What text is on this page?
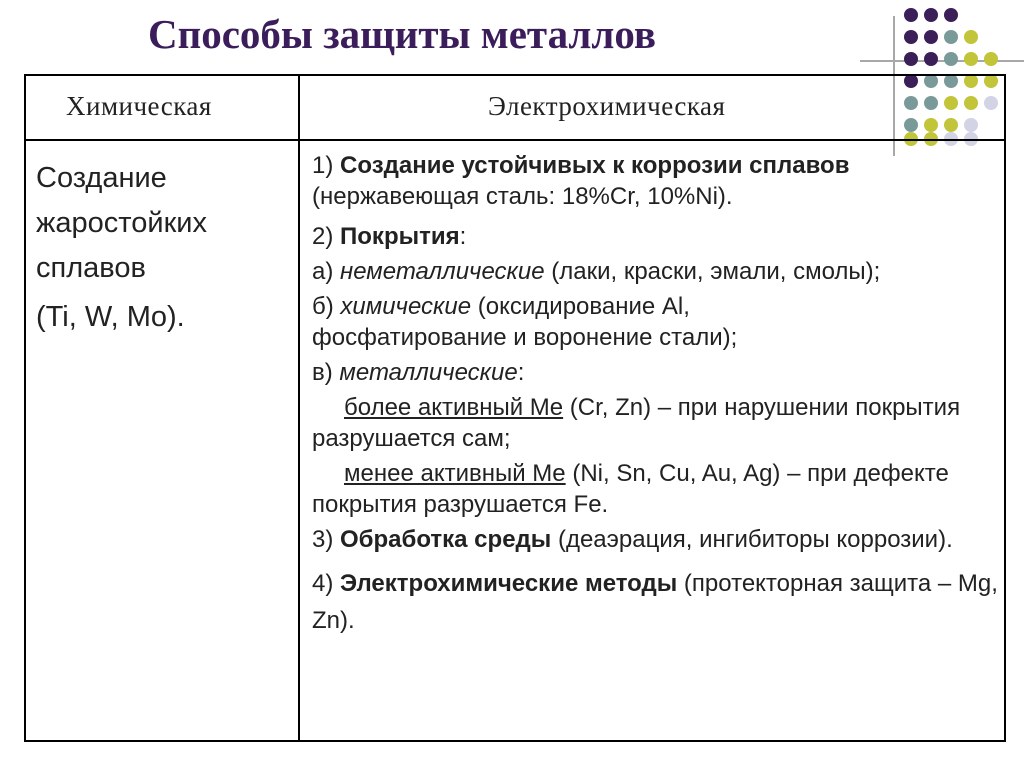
Способы защиты металлов
Химическая	Электрохимическая

Создание

жаростойких

сплавов

(Ti, W, Mo).

1) Создание устойчивых к коррозии сплавов
(нержавеющая сталь: 18%Cr, 10%Ni).

2) Покрытия:

а) неметаллические (лаки, краски, эмали, смолы);

б) химические (оксидирование Al, фосфатирование и воронение стали);

в) металлические:

более активный Me (Cr, Zn) – при нарушении покрытия разрушается сам;

менее активный Me (Ni, Sn, Cu, Au, Ag) – при дефекте покрытия разрушается Fe.

3) Обработка среды (деаэрация, ингибиторы коррозии).

4) Электрохимические методы (протекторная защита – Mg, Zn).
